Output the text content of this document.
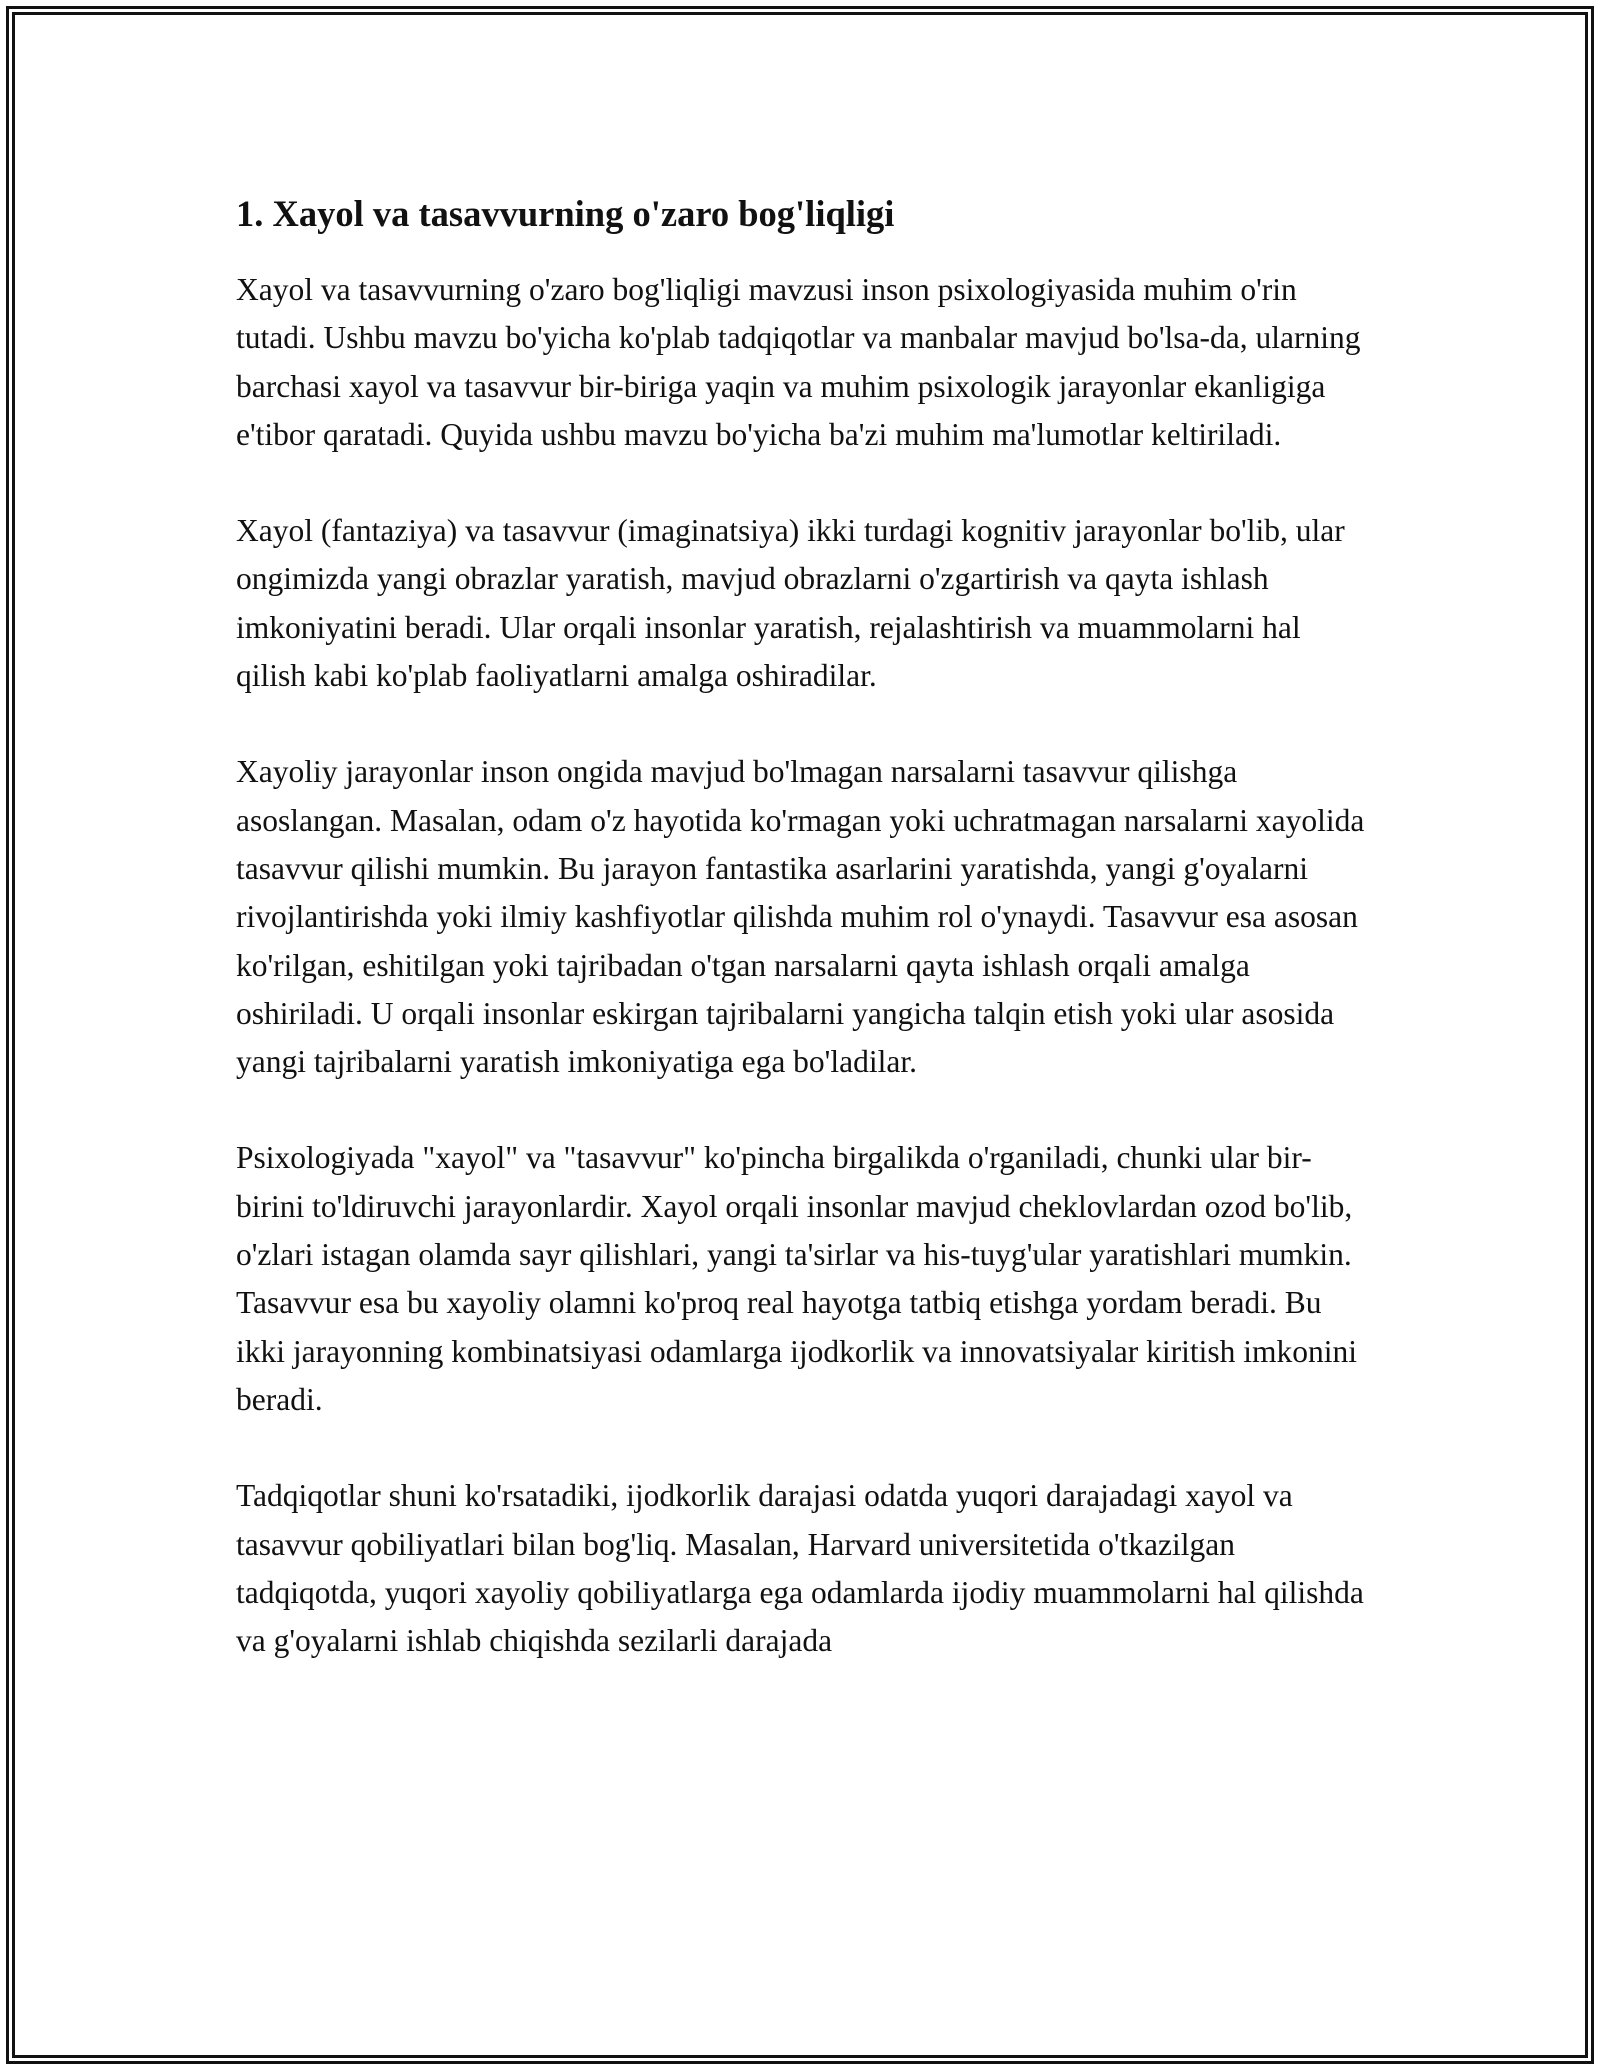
1. Xayol va tasavvurning o'zaro bog'liqligi

Xayol va tasavvurning o'zaro bog'liqligi mavzusi inson psixologiyasida muhim o'rin tutadi. Ushbu mavzu bo'yicha ko'plab tadqiqotlar va manbalar mavjud bo'lsa-da, ularning barchasi xayol va tasavvur bir-biriga yaqin va muhim psixologik jarayonlar ekanligiga e'tibor qaratadi. Quyida ushbu mavzu bo'yicha ba'zi muhim ma'lumotlar keltiriladi.

Xayol (fantaziya) va tasavvur (imaginatsiya) ikki turdagi kognitiv jarayonlar bo'lib, ular ongimizda yangi obrazlar yaratish, mavjud obrazlarni o'zgartirish va qayta ishlash imkoniyatini beradi. Ular orqali insonlar yaratish, rejalashtirish va muammolarni hal qilish kabi ko'plab faoliyatlarni amalga oshiradilar.

Xayoliy jarayonlar inson ongida mavjud bo'lmagan narsalarni tasavvur qilishga asoslangan. Masalan, odam o'z hayotida ko'rmagan yoki uchratmagan narsalarni xayolida tasavvur qilishi mumkin. Bu jarayon fantastika asarlarini yaratishda, yangi g'oyalarni rivojlantirishda yoki ilmiy kashfiyotlar qilishda muhim rol o'ynaydi. Tasavvur esa asosan ko'rilgan, eshitilgan yoki tajribadan o'tgan narsalarni qayta ishlash orqali amalga oshiriladi. U orqali insonlar eskirgan tajribalarni yangicha talqin etish yoki ular asosida yangi tajribalarni yaratish imkoniyatiga ega bo'ladilar.

Psixologiyada "xayol" va "tasavvur" ko'pincha birgalikda o'rganiladi, chunki ular bir-birini to'ldiruvchi jarayonlardir. Xayol orqali insonlar mavjud cheklovlardan ozod bo'lib, o'zlari istagan olamda sayr qilishlari, yangi ta'sirlar va his-tuyg'ular yaratishlari mumkin. Tasavvur esa bu xayoliy olamni ko'proq real hayotga tatbiq etishga yordam beradi. Bu ikki jarayonning kombinatsiyasi odamlarga ijodkorlik va innovatsiyalar kiritish imkonini beradi.

Tadqiqotlar shuni ko'rsatadiki, ijodkorlik darajasi odatda yuqori darajadagi xayol va tasavvur qobiliyatlari bilan bog'liq. Masalan, Harvard universitetida o'tkazilgan tadqiqotda, yuqori xayoliy qobiliyatlarga ega odamlarda ijodiy muammolarni hal qilishda va g'oyalarni ishlab chiqishda sezilarli darajada
